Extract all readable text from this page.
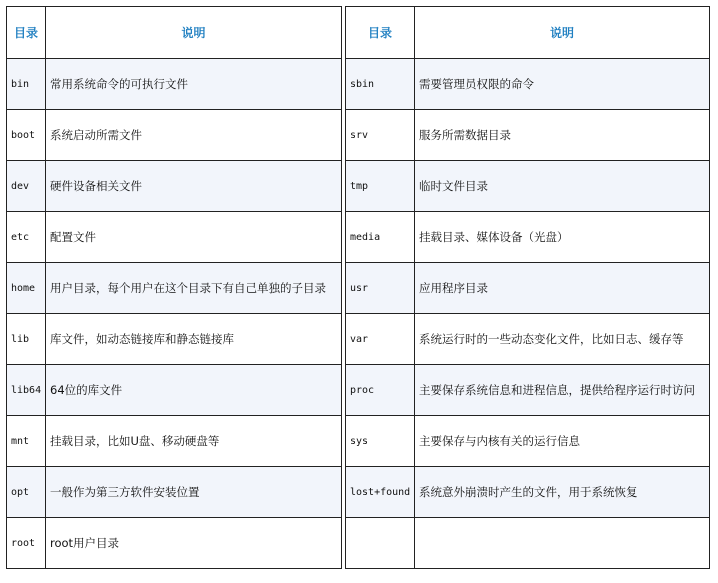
目录	说明
bin	常用系统命令的可执行文件
boot	系统启动所需文件
dev	硬件设备相关文件
etc	配置文件
home	用户目录，每个用户在这个目录下有自己单独的子目录
lib	库文件，如动态链接库和静态链接库
lib64	64位的库文件
mnt	挂载目录，比如U盘、移动硬盘等
opt	一般作为第三方软件安装位置
root	root用户目录
目录	说明
sbin	需要管理员权限的命令
srv	服务所需数据目录
tmp	临时文件目录
media	挂载目录、媒体设备（光盘）
usr	应用程序目录
var	系统运行时的一些动态变化文件，比如日志、缓存等
proc	主要保存系统信息和进程信息，提供给程序运行时访问
sys	主要保存与内核有关的运行信息
lost+found	系统意外崩溃时产生的文件，用于系统恢复
